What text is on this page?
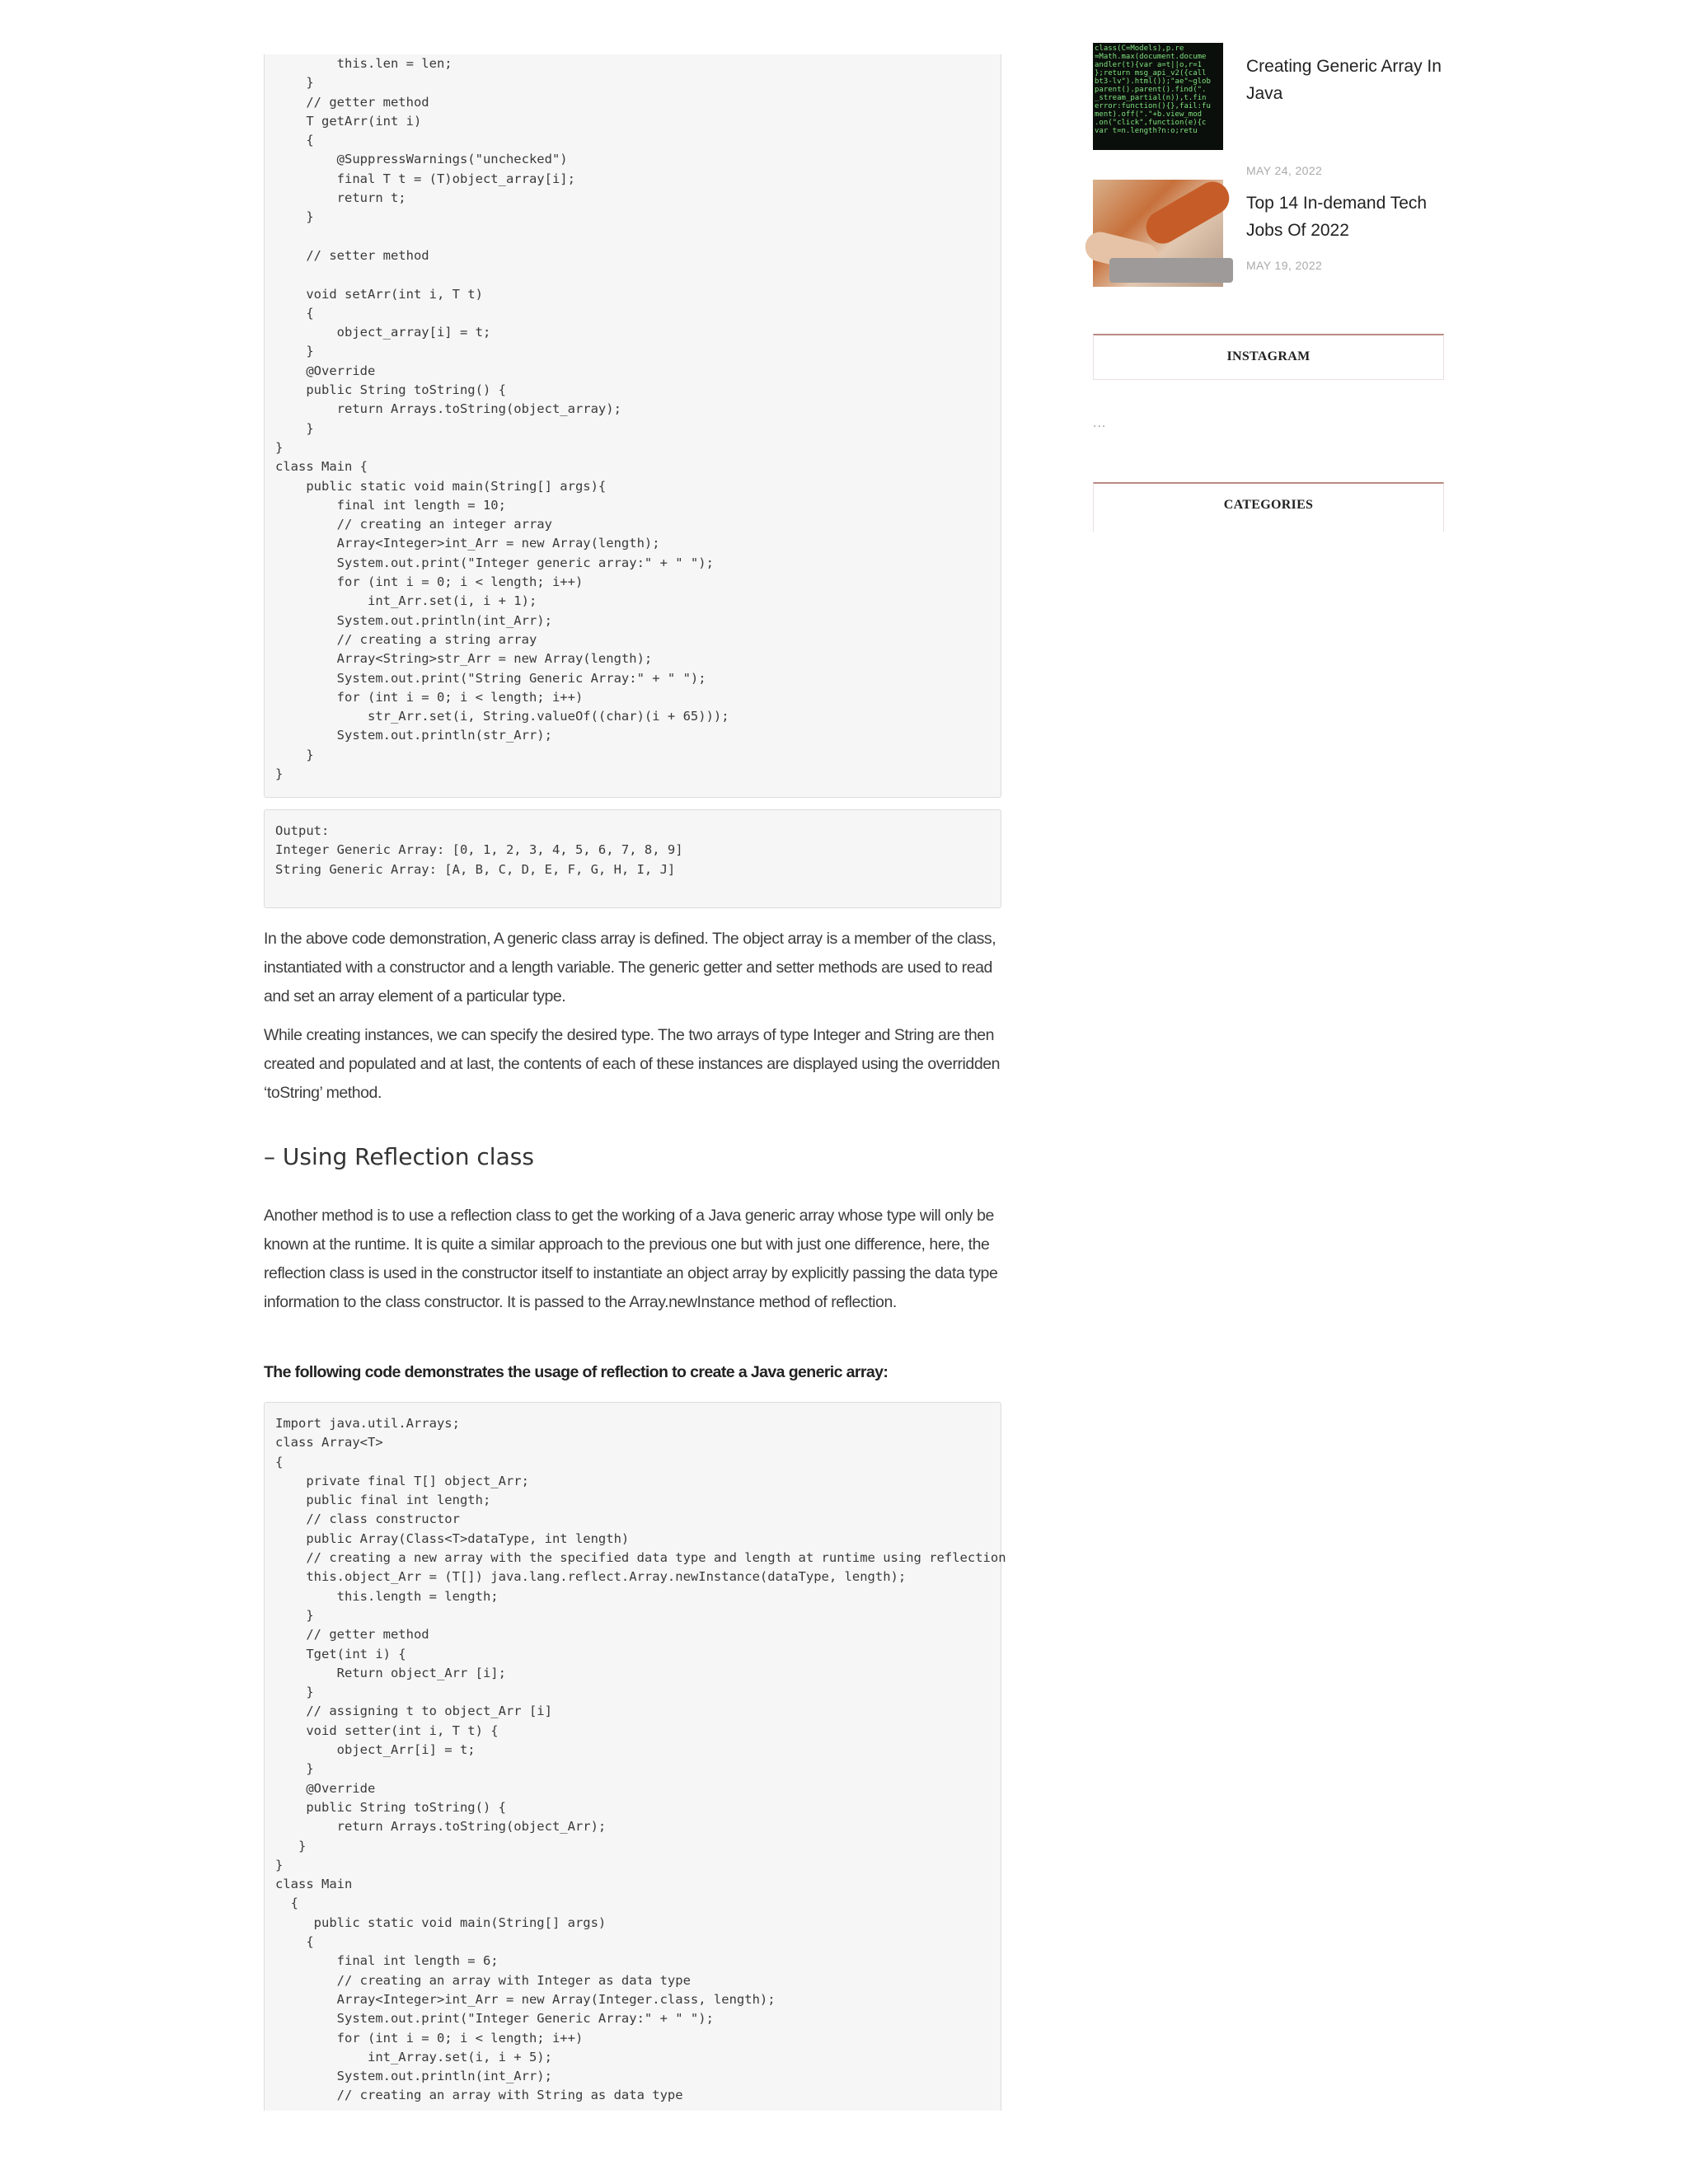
this.len = len;
}
// getter method
T getArr(int i)
{
@SuppressWarnings("unchecked")
final T t = (T)object_array[i];
return t;
}

// setter method

void setArr(int i, T t)
{
object_array[i] = t;
}
@Override
public String toString() {
return Arrays.toString(object_array);
}
}
class Main {
public static void main(String[] args){
final int length = 10;
// creating an integer array
Array<Integer>int_Arr = new Array(length);
System.out.print("Integer generic array:" + " ");
for (int i = 0; i < length; i++)
int_Arr.set(i, i + 1);
System.out.println(int_Arr);
// creating a string array
Array<String>str_Arr = new Array(length);
System.out.print("String Generic Array:" + " ");
for (int i = 0; i < length; i++)
str_Arr.set(i, String.valueOf((char)(i + 65)));
System.out.println(str_Arr);
}
}
Output:
Integer Generic Array: [0, 1, 2, 3, 4, 5, 6, 7, 8, 9]
String Generic Array: [A, B, C, D, E, F, G, H, I, J]

In the above code demonstration, A generic class array is defined. The object array is a member of the class, instantiated with a constructor and a length variable. The generic getter and setter methods are used to read and set an array element of a particular type.

While creating instances, we can specify the desired type. The two arrays of type Integer and String are then created and populated and at last, the contents of each of these instances are displayed using the overridden ‘toString’ method.

– Using Reflection class

Another method is to use a reflection class to get the working of a Java generic array whose type will only be known at the runtime. It is quite a similar approach to the previous one but with just one difference, here, the reflection class is used in the constructor itself to instantiate an object array by explicitly passing the data type information to the class constructor. It is passed to the Array.newInstance method of reflection.

The following code demonstrates the usage of reflection to create a Java generic array:

Import java.util.Arrays;
class Array<T>
{
private final T[] object_Arr;
public final int length;
// class constructor
public Array(Class<T>dataType, int length)
// creating a new array with the specified data type and length at runtime using reflection
this.object_Arr = (T[]) java.lang.reflect.Array.newInstance(dataType, length);
this.length = length;
}
// getter method
Tget(int i) {
Return object_Arr [i];
}
// assigning t to object_Arr [i]
void setter(int i, T t) {
object_Arr[i] = t;
}
@Override
public String toString() {
return Arrays.toString(object_Arr);
}
}
class Main
{
public static void main(String[] args)
{
final int length = 6;
// creating an array with Integer as data type
Array<Integer>int_Arr = new Array(Integer.class, length);
System.out.print("Integer Generic Array:" + " ");
for (int i = 0; i < length; i++)
int_Array.set(i, i + 5);
System.out.println(int_Arr);
// creating an array with String as data type
class(C=Models),p.re
=Math.max(document.docume
andler(t){var a=t||o,r=1
};return msg_api_v2({call
bt3-lv").html());"ae"~glob
parent().parent().find(".
_stream_partial(n)),t.fin
error:function(){},fail:fu
ment).off("."+b.view_mod
.on("click",function(e){c
var t=n.length?n:o;retu
Creating Generic Array In Java
MAY 24, 2022
Top 14 In-demand Tech Jobs Of 2022
MAY 19, 2022
INSTAGRAM
...
CATEGORIES
